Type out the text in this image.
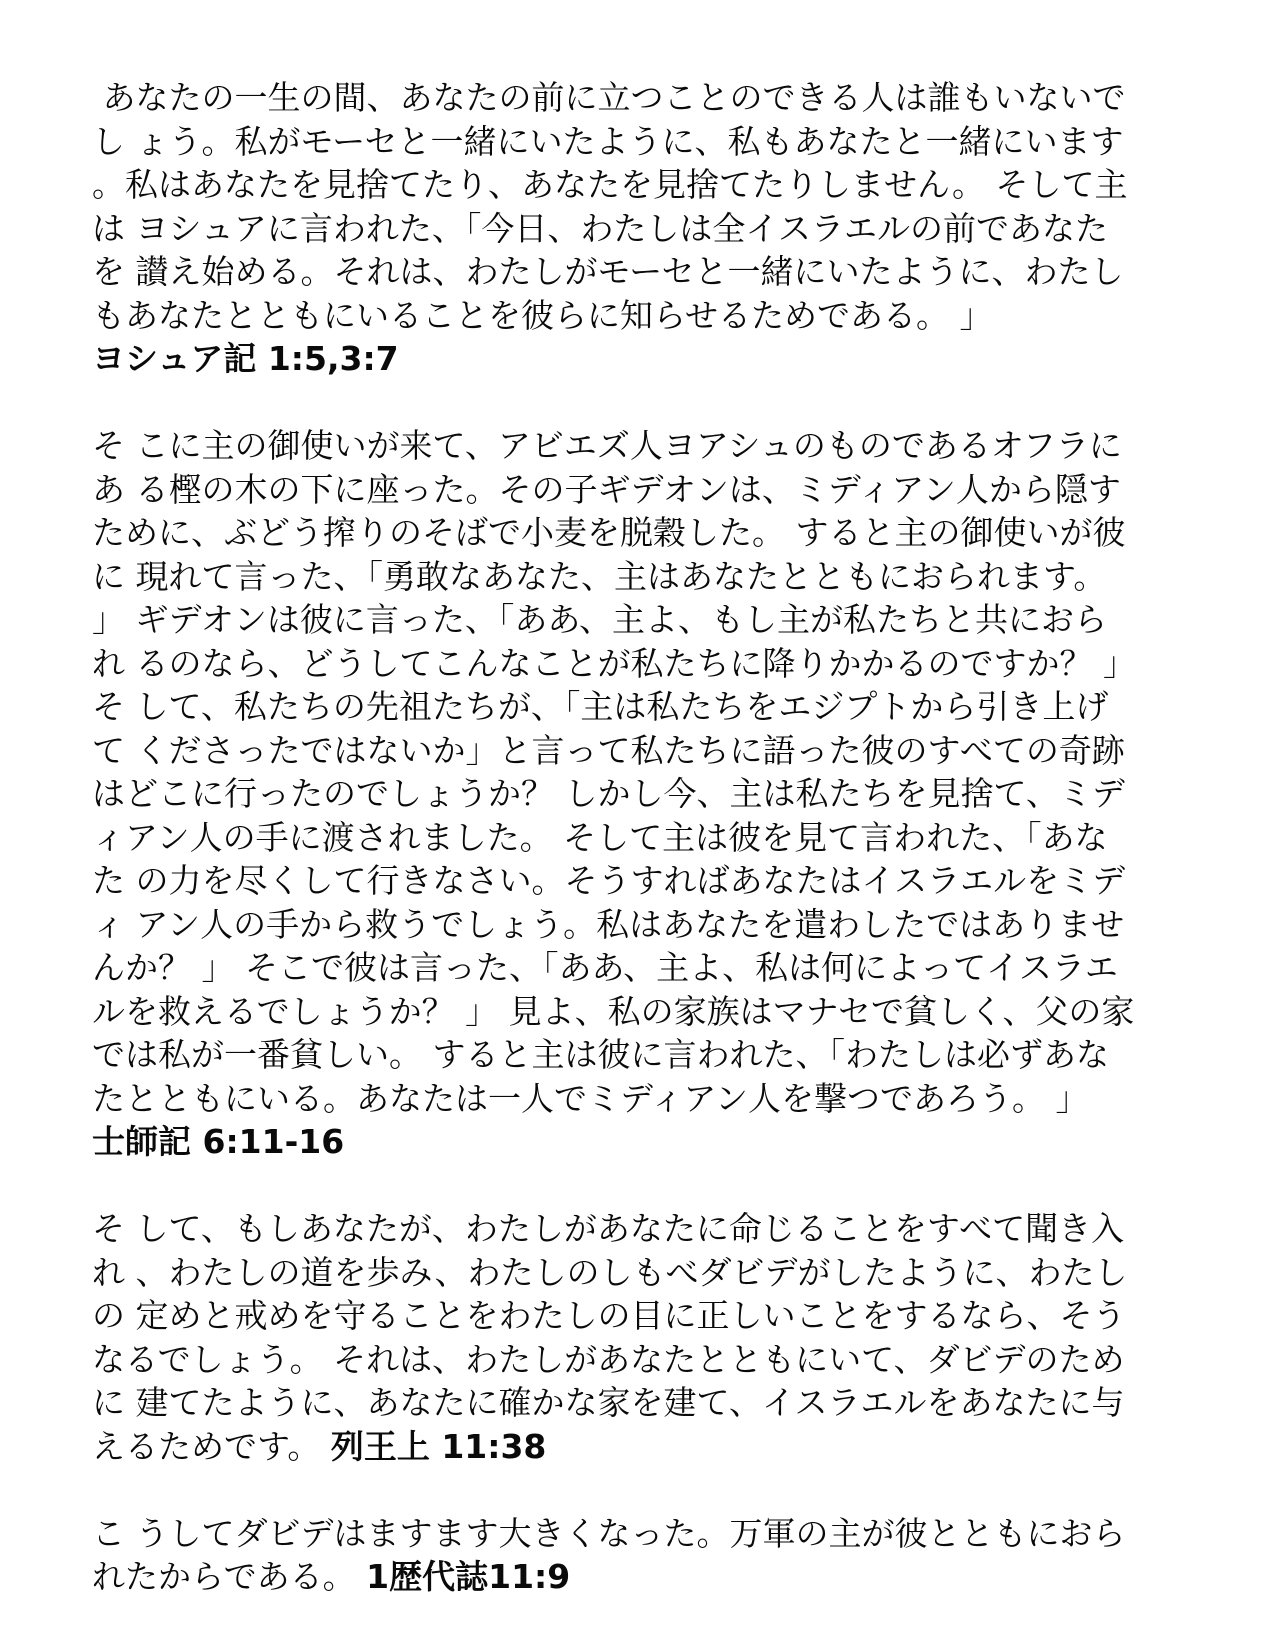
あなたの一生の間、あなたの前に立つことのできる人は誰もいないで
し ょう。私がモーセと一緒にいたように、私もあなたと一緒にいます
。私はあなたを見捨てたり、あなたを見捨てたりしません。 そして主
は ヨシュアに言われた、「今日、わたしは全イスラエルの前であなた
を 讃え始める。それは、わたしがモーセと一緒にいたように、わたし
もあなたとともにいることを彼らに知らせるためである。 」
ヨシュア記 1:5,3:7
そ こに主の御使いが来て、アビエズ人ヨアシュのものであるオフラに
あ る樫の木の下に座った。その子ギデオンは、ミディアン人から隠す
ために、ぶどう搾りのそばで小麦を脱穀した。 すると主の御使いが彼
に 現れて言った、「勇敢なあなた、主はあなたとともにおられます。
」 ギデオンは彼に言った、「ああ、主よ、もし主が私たちと共におら
れ るのなら、どうしてこんなことが私たちに降りかかるのですか？ 」
そ して、私たちの先祖たちが、「主は私たちをエジプトから引き上げ
て くださったではないか」と言って私たちに語った彼のすべての奇跡
はどこに行ったのでしょうか？ しかし今、主は私たちを見捨て、ミデ
ィアン人の手に渡されました。 そして主は彼を見て言われた、「あな
た の力を尽くして行きなさい。そうすればあなたはイスラエルをミデ
ィ アン人の手から救うでしょう。私はあなたを遣わしたではありませ
んか？ 」 そこで彼は言った、「ああ、主よ、私は何によってイスラエ
ルを救えるでしょうか？ 」 見よ、私の家族はマナセで貧しく、父の家
では私が一番貧しい。 すると主は彼に言われた、「わたしは必ずあな
たとともにいる。あなたは一人でミディアン人を撃つであろう。 」
士師記 6:11-16
そ して、もしあなたが、わたしがあなたに命じることをすべて聞き入
れ 、わたしの道を歩み、わたしのしもべダビデがしたように、わたし
の 定めと戒めを守ることをわたしの目に正しいことをするなら、そう
なるでしょう。 それは、わたしがあなたとともにいて、ダビデのため
に 建てたように、あなたに確かな家を建て、イスラエルをあなたに与
えるためです。 列王上 11:38
こ うしてダビデはますます大きくなった。万軍の主が彼とともにおら
れたからである。 1歴代誌11:9
